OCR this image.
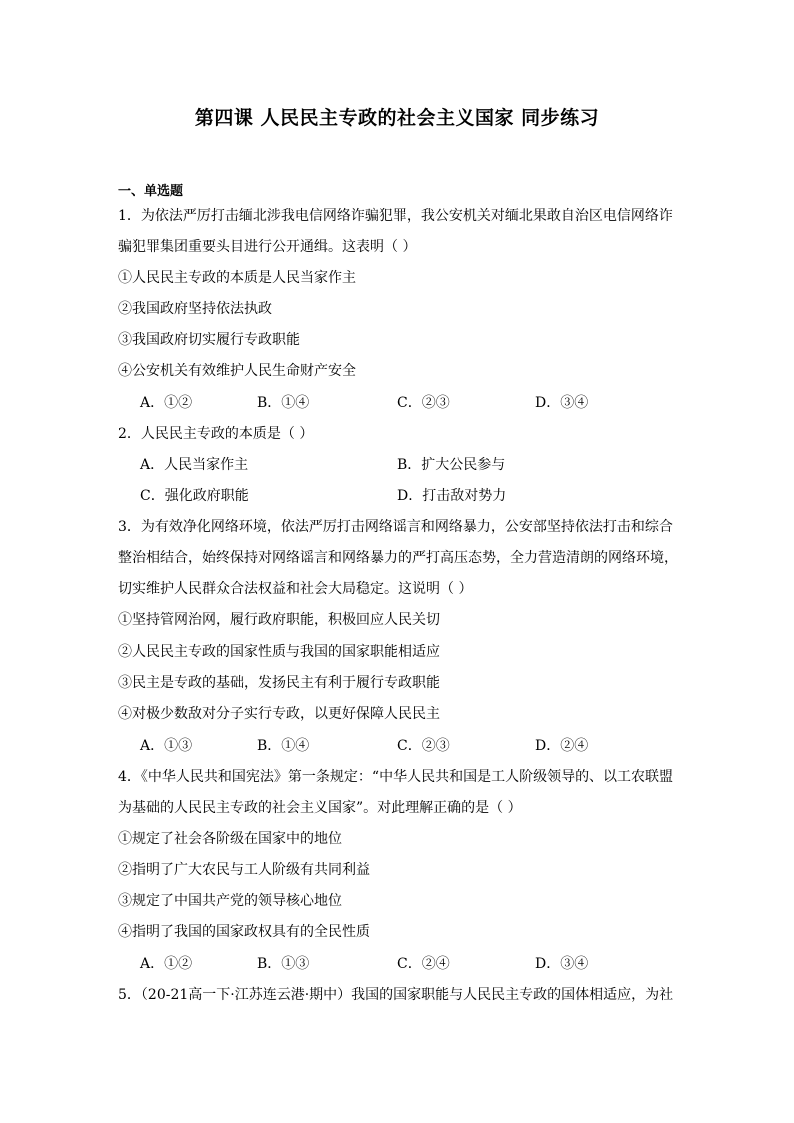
第四课 人民民主专政的社会主义国家 同步练习
一、单选题
1．为依法严厉打击缅北涉我电信网络诈骗犯罪，我公安机关对缅北果敢自治区电信网络诈
骗犯罪集团重要头目进行公开通缉。这表明（ ）
①人民民主专政的本质是人民当家作主
②我国政府坚持依法执政
③我国政府切实履行专政职能
④公安机关有效维护人民生命财产安全
A．①②	B．①④	C．②③	D．③④
2．人民民主专政的本质是（ ）
A．人民当家作主	B．扩大公民参与
C．强化政府职能	D．打击敌对势力
3．为有效净化网络环境，依法严厉打击网络谣言和网络暴力，公安部坚持依法打击和综合
整治相结合，始终保持对网络谣言和网络暴力的严打高压态势，全力营造清朗的网络环境，
切实维护人民群众合法权益和社会大局稳定。这说明（ ）
①坚持管网治网，履行政府职能，积极回应人民关切
②人民民主专政的国家性质与我国的国家职能相适应
③民主是专政的基础，发扬民主有利于履行专政职能
④对极少数敌对分子实行专政，以更好保障人民民主
A．①③	B．①④	C．②③	D．②④
4．《中华人民共和国宪法》第一条规定：“中华人民共和国是工人阶级领导的、以工农联盟
为基础的人民民主专政的社会主义国家”。对此理解正确的是（ ）
①规定了社会各阶级在国家中的地位
②指明了广大农民与工人阶级有共同利益
③规定了中国共产党的领导核心地位
④指明了我国的国家政权具有的全民性质
A．①②	B．①③	C．②④	D．③④
5．（20-21高一下·江苏连云港·期中）我国的国家职能与人民民主专政的国体相适应，为社
